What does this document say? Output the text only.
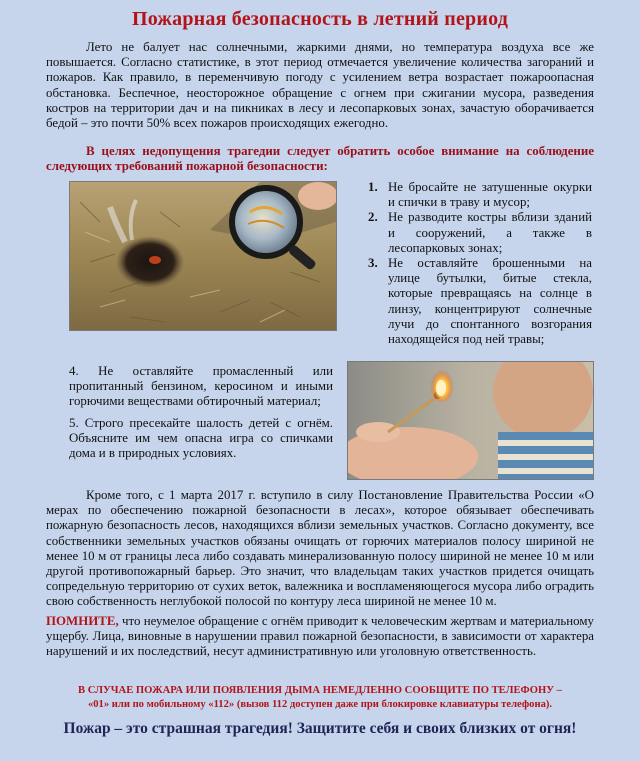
Пожарная безопасность в летний период
Лето не балует нас солнечными, жаркими днями, но температура воздуха все же повышается. Согласно статистике, в этот период отмечается увеличение количества загораний и пожаров. Как правило, в переменчивую погоду с усилением ветра возрастает пожароопасная обстановка. Беспечное, неосторожное обращение с огнем при сжигании мусора, разведения костров на территории дач и на пикниках в лесу и лесопарковых зонах, зачастую оборачивается бедой – это почти 50% всех пожаров происходящих ежегодно.
В целях недопущения трагедии следует обратить особое внимание на соблюдение следующих требований пожарной безопасности:
1. Не бросайте не затушенные окурки и спички в траву и мусор;
2. Не разводите костры вблизи зданий и сооружений, а также в лесопарковых зонах;
3. Не оставляйте брошенными на улице бутылки, битые стекла, которые превращаясь на солнце в линзу, концентрируют солнечные лучи до спонтанного возгорания находящейся под ней травы;
4. Не оставляйте промасленный или пропитанный бензином, керосином и иными горючими веществами обтирочный материал;
5. Строго пресекайте шалость детей с огнём. Объясните им чем опасна игра со спичками дома и в природных условиях.
Кроме того, с 1 марта 2017 г. вступило в силу Постановление Правительства России «О мерах по обеспечению пожарной безопасности в лесах», которое обязывает обеспечивать пожарную безопасность лесов, находящихся вблизи земельных участков. Согласно документу, все собственники земельных участков обязаны очищать от горючих материалов полосу шириной не менее 10 м от границы леса либо создавать минерализованную полосу шириной не менее 10 м или другой противопожарный барьер. Это значит, что владельцам таких участков придется очищать сопредельную территорию от сухих веток, валежника и воспламеняющегося мусора либо оградить свою собственность неглубокой полосой по контуру леса шириной не менее 10 м.
ПОМНИТЕ, что неумелое обращение с огнём приводит к человеческим жертвам и материальному ущербу. Лица, виновные в нарушении правил пожарной безопасности, в зависимости от характера нарушений и их последствий, несут административную или уголовную ответственность.
В СЛУЧАЕ ПОЖАРА ИЛИ ПОЯВЛЕНИЯ ДЫМА НЕМЕДЛЕННО СООБЩИТЕ ПО ТЕЛЕФОНУ –
«01» или по мобильному «112» (вызов 112 доступен даже при блокировке клавиатуры телефона).
Пожар – это страшная трагедия! Защитите себя и своих близких от огня!
